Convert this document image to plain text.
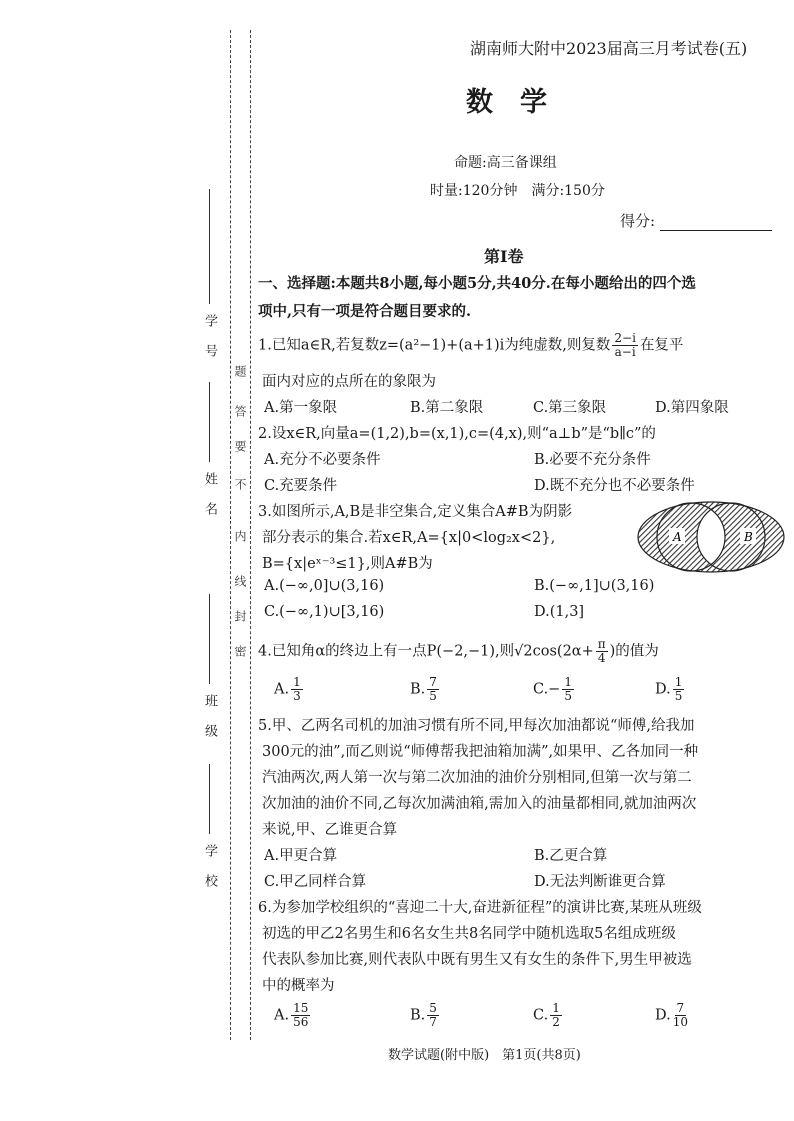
学　号
姓　名
班　级
学　校
题
答
要
不
内
线
封
密
湖南师大附中2023届高三月考试卷(五)
数　学
命题:高三备课组
时量:120分钟　满分:150分
得分:
第Ⅰ卷
一、选择题:本题共8小题,每小题5分,共40分.在每小题给出的四个选
项中,只有一项是符合题目要求的.
1.已知a∈R,若复数z=(a²−1)+(a+1)i为纯虚数,则复数 $\frac{2-i}{a-i}$ 在复平
面内对应的点所在的象限为
A.第一象限	B.第二象限	C.第三象限	D.第四象限
2.设x∈R,向量a=(1,2),b=(x,1),c=(4,x),则“a⊥b”是“b∥c”的
A.充分不必要条件	B.必要不充分条件
C.充要条件	D.既不充分也不必要条件
3.如图所示,A,B是非空集合,定义集合A#B为阴影
部分表示的集合.若x∈R,A={x|0<log₂x<2},
B={x|eˣ⁻³≤1},则A#B为
A	B
A.(−∞,0]∪(3,16)	B.(−∞,1]∪(3,16)
C.(−∞,1)∪[3,16)	D.(1,3]
4.已知角α的终边上有一点P(−2,−1),则$√2\cos(2\alpha+ \frac{\pi}{4}$ )的值为
A. $\frac{1}{3}$	B. $\frac{7}{5}$	$C.- \frac{1}{5}$	D. $\frac{1}{5}$
5.甲、乙两名司机的加油习惯有所不同,甲每次加油都说“师傅,给我加
300元的油”,而乙则说“师傅帮我把油箱加满”,如果甲、乙各加同一种
汽油两次,两人第一次与第二次加油的油价分别相同,但第一次与第二
次加油的油价不同,乙每次加满油箱,需加入的油量都相同,就加油两次
来说,甲、乙谁更合算
A.甲更合算	B.乙更合算
C.甲乙同样合算	D.无法判断谁更合算
6.为参加学校组织的“喜迎二十大,奋进新征程”的演讲比赛,某班从班级
初选的甲乙2名男生和6名女生共8名同学中随机选取5名组成班级
代表队参加比赛,则代表队中既有男生又有女生的条件下,男生甲被选
中的概率为
A. $\frac{15}{56}$	B. $\frac{5}{7}$	C. $\frac{1}{2}$	D. $\frac{7}{10}$
数学试题(附中版)　第1页(共8页)
